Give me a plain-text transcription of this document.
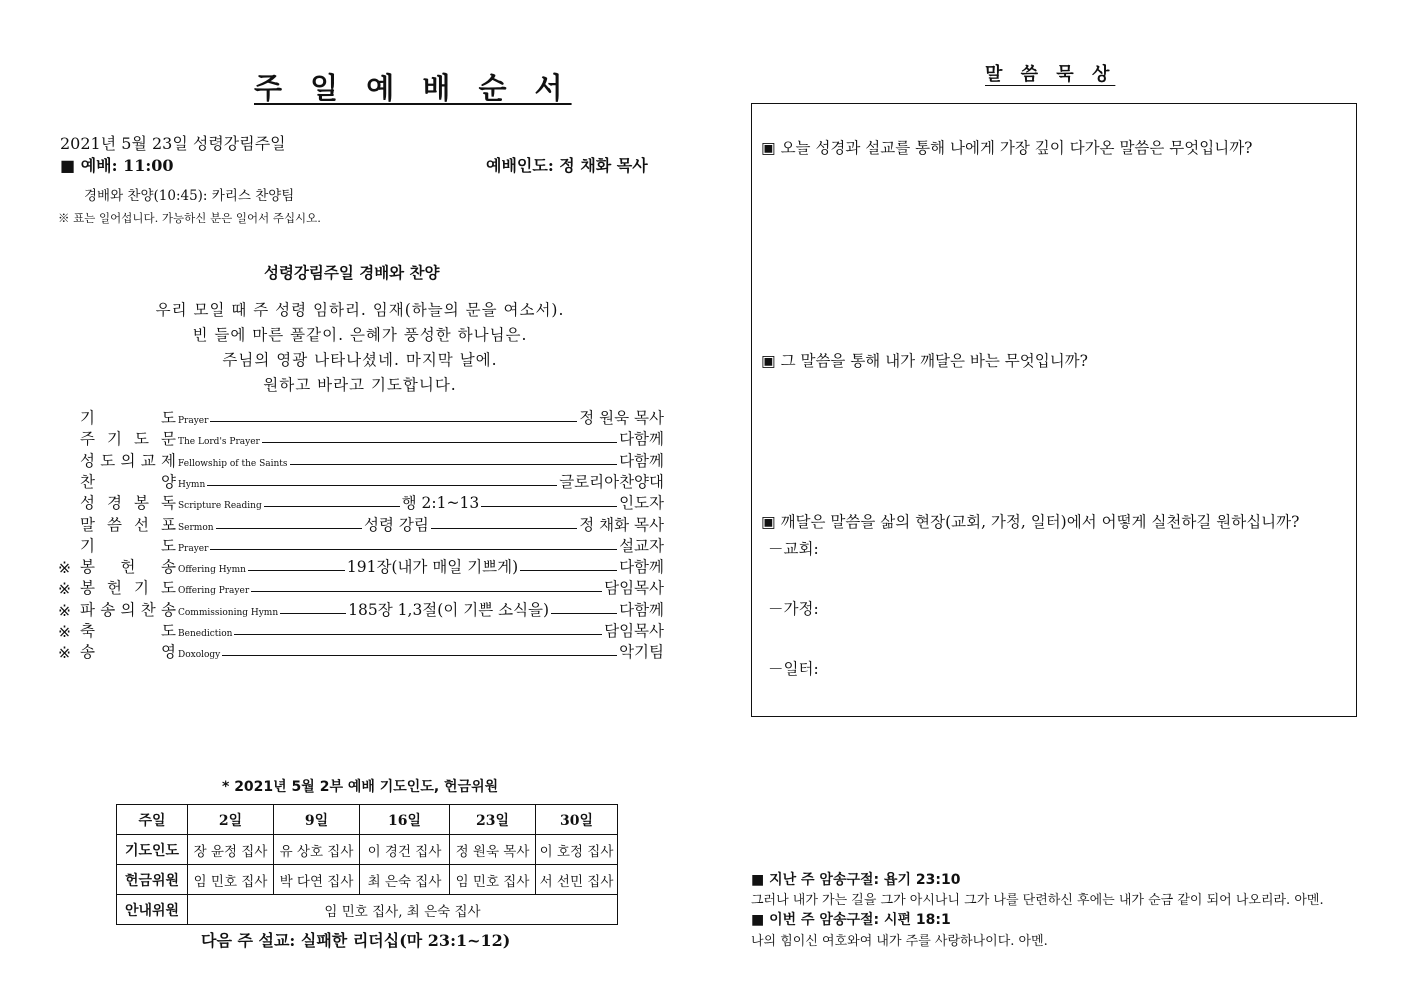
주 일 예 배 순 서
2021년 5월 23일 성령강림주일
■ 예배: 11:00	예배인도: 정 채화 목사
경배와 찬양(10:45): 카리스 찬양팀
※ 표는 일어섭니다. 가능하신 분은 일어서 주십시오.
성령강림주일 경배와 찬양
우리 모일 때 주 성령 임하리. 임재(하늘의 문을 여소서).
빈 들에 마른 풀같이. 은혜가 풍성한 하나님은.
주님의 영광 나타나셨네. 마지막 날에.
원하고 바라고 기도합니다.
기	도 Prayer	정 원욱 목사
주 기 도 문 The Lord's Prayer	다함께
성 도 의 교 제 Fellowship of the Saints	다함께
찬	양 Hymn	글로리아찬양대
성 경 봉 독 Scripture Reading	행 2:1~13	인도자
말 씀 선 포 Sermon	성령 강림	정 채화 목사
기	도 Prayer	설교자
※ 봉 헌 송 Offering Hymn	191장(내가 매일 기쁘게)	다함께
※ 봉 헌 기 도 Offering Prayer	담임목사
※ 파 송 의 찬 송 Commissioning Hymn	185장 1,3절(이 기쁜 소식을)	다함께
※ 축	도 Benediction	담임목사
※ 송	영 Doxology	악기팀
* 2021년 5월 2부 예배 기도인도, 헌금위원
주일	2일	9일	16일	23일	30일
기도인도	장 윤정 집사	유 상호 집사	이 경건 집사	정 원욱 목사	이 호정 집사
헌금위원	임 민호 집사	박 다연 집사	최 은숙 집사	임 민호 집사	서 선민 집사
안내위원	임 민호 집사, 최 은숙 집사				
다음 주 설교: 실패한 리더십(마 23:1~12)
말 씀 묵 상
▣ 오늘 성경과 설교를 통해 나에게 가장 깊이 다가온 말씀은 무엇입니까?
▣ 그 말씀을 통해 내가 깨달은 바는 무엇입니까?
▣ 깨달은 말씀을 삶의 현장(교회, 가정, 일터)에서 어떻게 실천하길 원하십니까?
－교회:
－가정:
－일터:
■ 지난 주 암송구절: 욥기 23:10
그러나 내가 가는 길을 그가 아시나니 그가 나를 단련하신 후에는 내가 순금 같이 되어 나오리라. 아멘.
■ 이번 주 암송구절: 시편 18:1
나의 힘이신 여호와여 내가 주를 사랑하나이다. 아멘.
